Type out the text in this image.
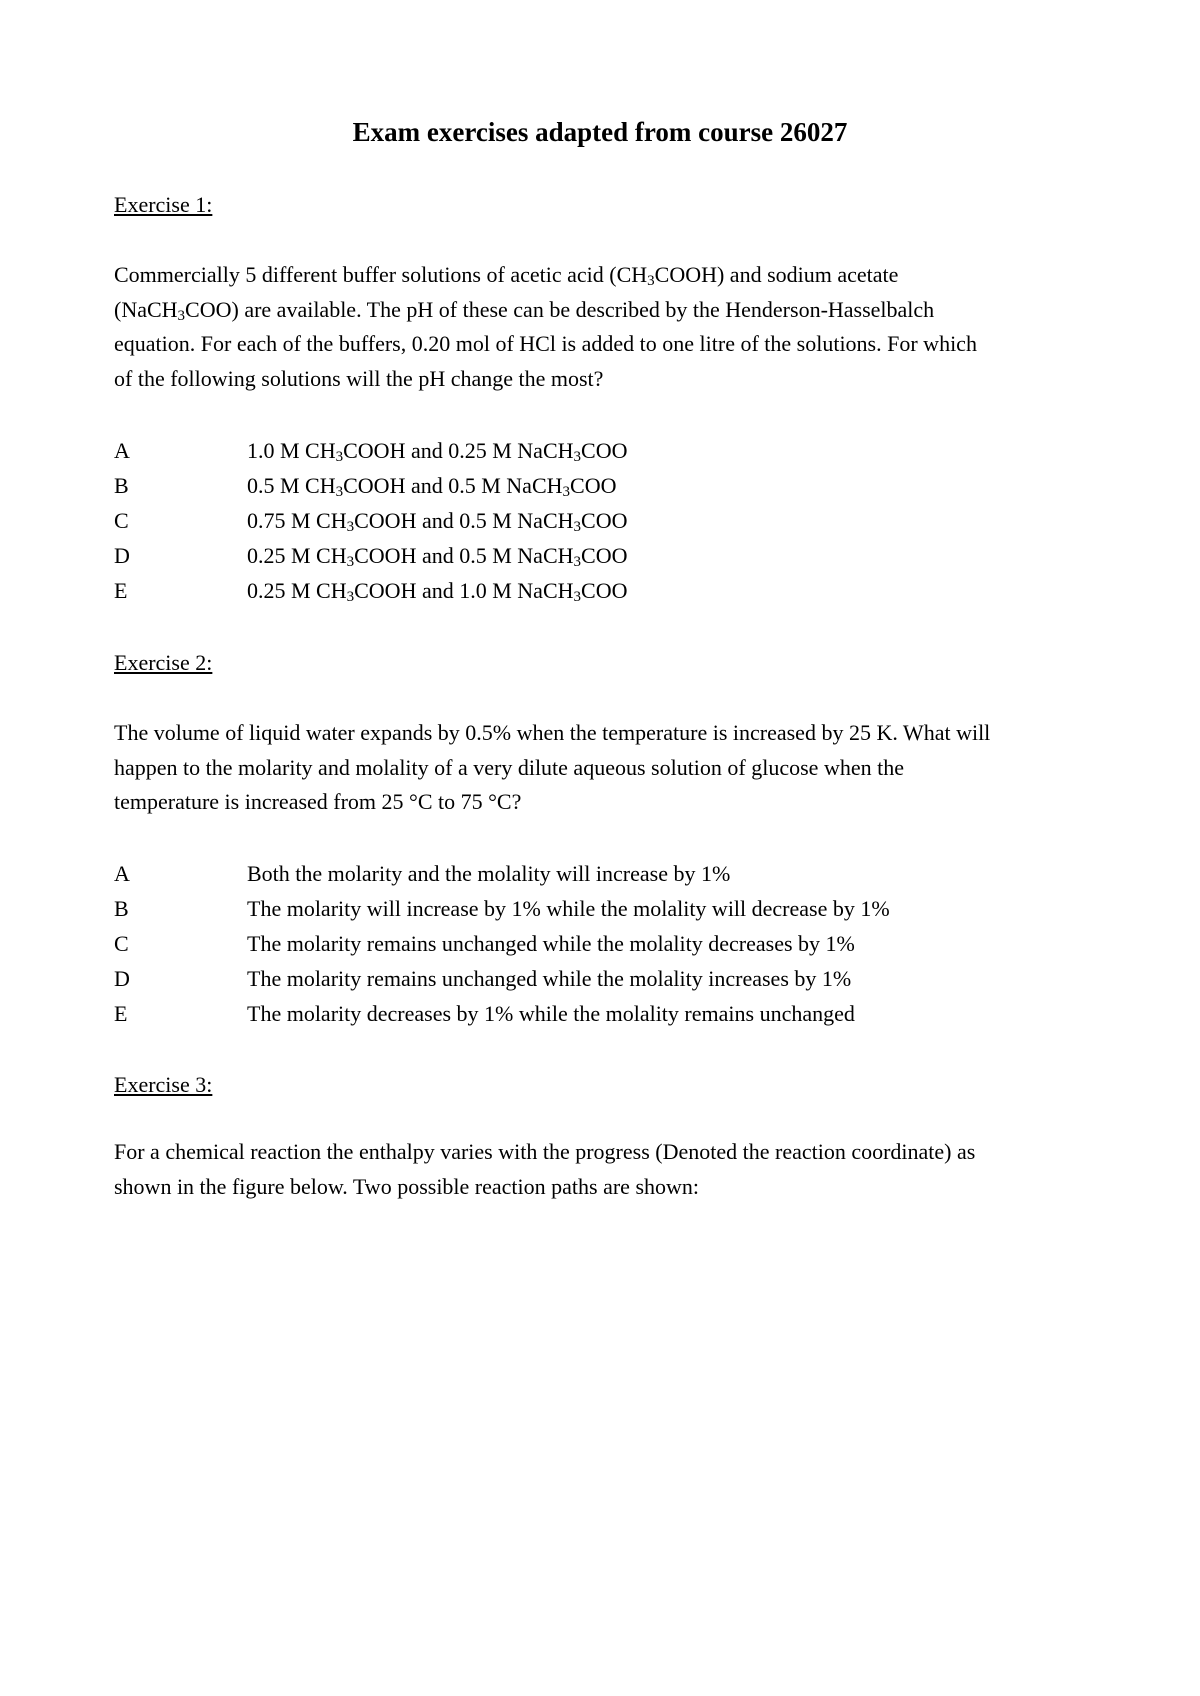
Exam exercises adapted from course 26027
Exercise 1:
Commercially 5 different buffer solutions of acetic acid $(CH_3COOH)$ and sodium acetate
(NaCH$_3$COO) are available. The pH of these can be described by the Henderson-Hasselbalch
equation. For each of the buffers, 0.20 mol of HCl is added to one litre of the solutions. For which
of the following solutions will the pH change the most?
A	1.0 M $CH_3COOH$ and 0.25 M NaCH$_3$COO
B	0.5 M $CH_3COOH$ and 0.5 M NaCH$_3$COO
C	0.75 M $CH_3COOH$ and 0.5 M NaCH$_3$COO
D	0.25 M $CH_3COOH$ and 0.5 M NaCH$_3$COO
E	0.25 M $CH_3COOH$ and 1.0 M NaCH$_3$COO
Exercise 2:
The volume of liquid water expands by 0.5% when the temperature is increased by 25 K. What will
happen to the molarity and molality of a very dilute aqueous solution of glucose when the
temperature is increased from 25 °C to 75 °C?
A	Both the molarity and the molality will increase by 1%
B	The molarity will increase by 1% while the molality will decrease by 1%
C	The molarity remains unchanged while the molality decreases by 1%
D	The molarity remains unchanged while the molality increases by 1%
E	The molarity decreases by 1% while the molality remains unchanged
Exercise 3:
For a chemical reaction the enthalpy varies with the progress (Denoted the reaction coordinate) as
shown in the figure below. Two possible reaction paths are shown:
